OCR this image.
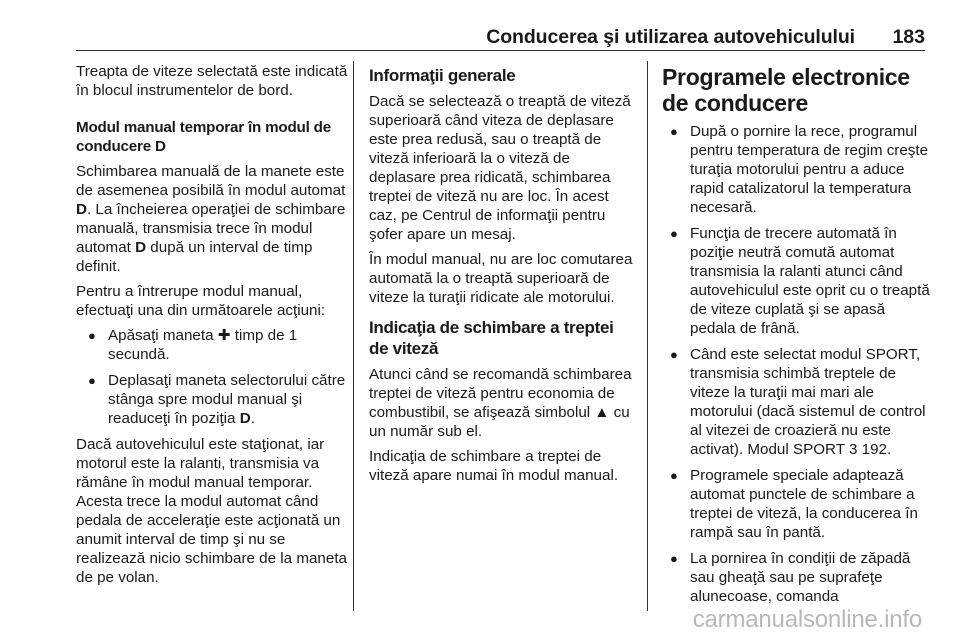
Conducerea şi utilizarea autovehiculului 183

Treapta de viteze selectată este indicată în blocul instrumentelor de bord.

Modul manual temporar în modul de conducere D

Schimbarea manuală de la manete este de asemenea posibilă în modul automat D. La încheierea operaţiei de schimbare manuală, transmisia trece în modul automat D după un interval de timp definit.

Pentru a întrerupe modul manual, efectuaţi una din următoarele acţiuni:

● Apăsaţi maneta ✚ timp de 1 secundă.
● Deplasaţi maneta selectorului către stânga spre modul manual şi readuceţi în poziţia D.

Dacă autovehiculul este staţionat, iar motorul este la ralanti, transmisia va rămâne în modul manual temporar. Acesta trece la modul automat când pedala de acceleraţie este acţionată un anumit interval de timp şi nu se realizează nicio schimbare de la maneta de pe volan.

Informaţii generale

Dacă se selectează o treaptă de viteză superioară când viteza de deplasare este prea redusă, sau o treaptă de viteză inferioară la o viteză de deplasare prea ridicată, schimbarea treptei de viteză nu are loc. În acest caz, pe Centrul de informaţii pentru şofer apare un mesaj.

În modul manual, nu are loc comutarea automată la o treaptă superioară de viteze la turaţii ridicate ale motorului.

Indicaţia de schimbare a treptei de viteză

Atunci când se recomandă schimbarea treptei de viteză pentru economia de combustibil, se afişează simbolul ▲ cu un număr sub el.

Indicaţia de schimbare a treptei de viteză apare numai în modul manual.

Programele electronice de conducere

● După o pornire la rece, programul pentru temperatura de regim creşte turaţia motorului pentru a aduce rapid catalizatorul la temperatura necesară.
● Funcţia de trecere automată în poziţie neutră comută automat transmisia la ralanti atunci când autovehiculul este oprit cu o treaptă de viteze cuplată şi se apasă pedala de frână.
● Când este selectat modul SPORT, transmisia schimbă treptele de viteze la turaţii mai mari ale motorului (dacă sistemul de control al vitezei de croazieră nu este activat). Modul SPORT 3 192.
● Programele speciale adaptează automat punctele de schimbare a treptei de viteză, la conducerea în rampă sau în pantă.
● La pornirea în condiţii de zăpadă sau gheaţă sau pe suprafeţe alunecoase, comanda
carmanualsonline.info
